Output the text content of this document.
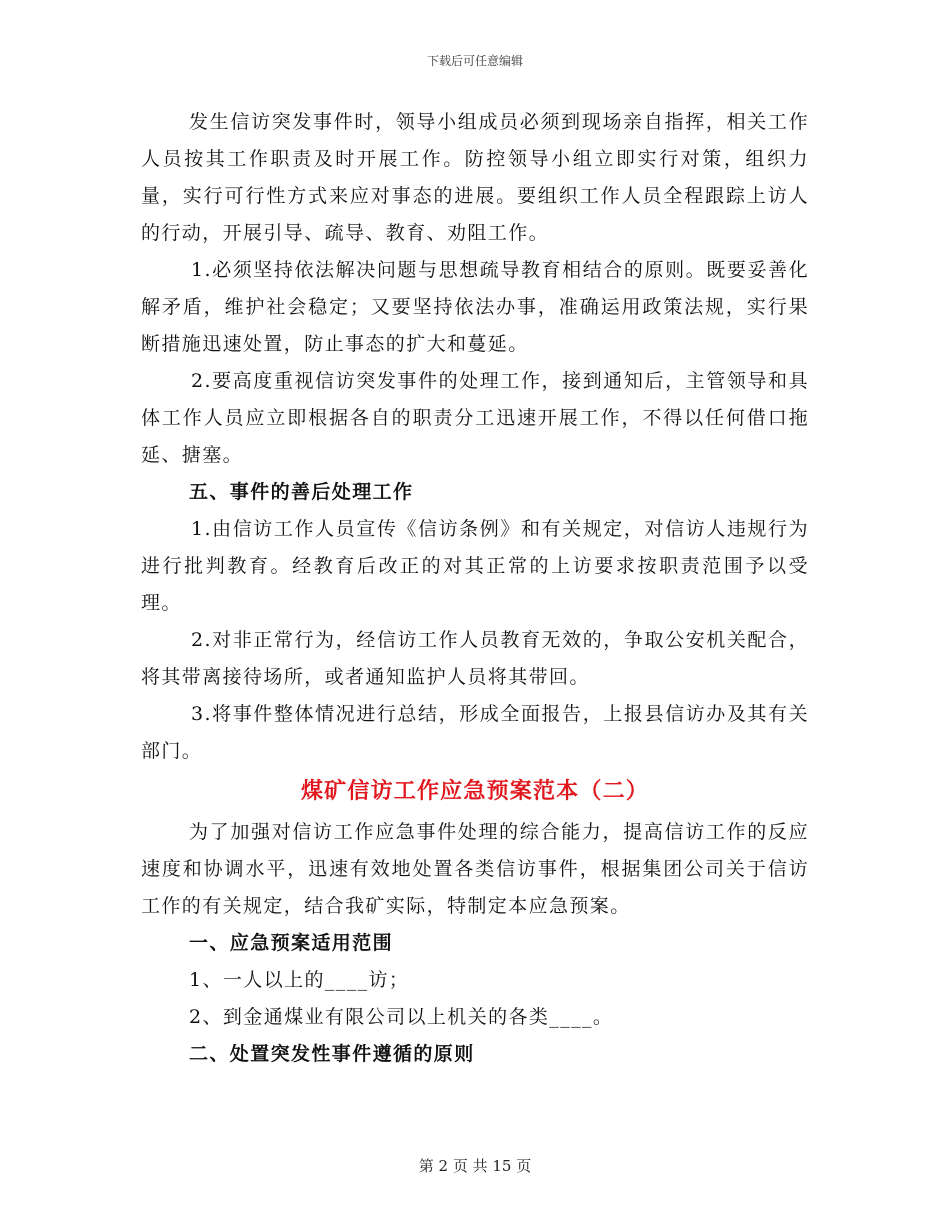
下载后可任意编辑

发生信访突发事件时，领导小组成员必须到现场亲自指挥，相关工作人员按其工作职责及时开展工作。防控领导小组立即实行对策，组织力量，实行可行性方式来应对事态的进展。要组织工作人员全程跟踪上访人的行动，开展引导、疏导、教育、劝阻工作。

1.必须坚持依法解决问题与思想疏导教育相结合的原则。既要妥善化解矛盾，维护社会稳定；又要坚持依法办事，准确运用政策法规，实行果断措施迅速处置，防止事态的扩大和蔓延。

2.要高度重视信访突发事件的处理工作，接到通知后，主管领导和具体工作人员应立即根据各自的职责分工迅速开展工作，不得以任何借口拖延、搪塞。

五、事件的善后处理工作

1.由信访工作人员宣传《信访条例》和有关规定，对信访人违规行为进行批判教育。经教育后改正的对其正常的上访要求按职责范围予以受理。

2.对非正常行为，经信访工作人员教育无效的，争取公安机关配合，将其带离接待场所，或者通知监护人员将其带回。

3.将事件整体情况进行总结，形成全面报告，上报县信访办及其有关部门。

煤矿信访工作应急预案范本（二）

为了加强对信访工作应急事件处理的综合能力，提高信访工作的反应速度和协调水平，迅速有效地处置各类信访事件，根据集团公司关于信访工作的有关规定，结合我矿实际，特制定本应急预案。

一、应急预案适用范围

1、一人以上的____访；

2、到金通煤业有限公司以上机关的各类____。

二、处置突发性事件遵循的原则

第 2 页 共 15 页
